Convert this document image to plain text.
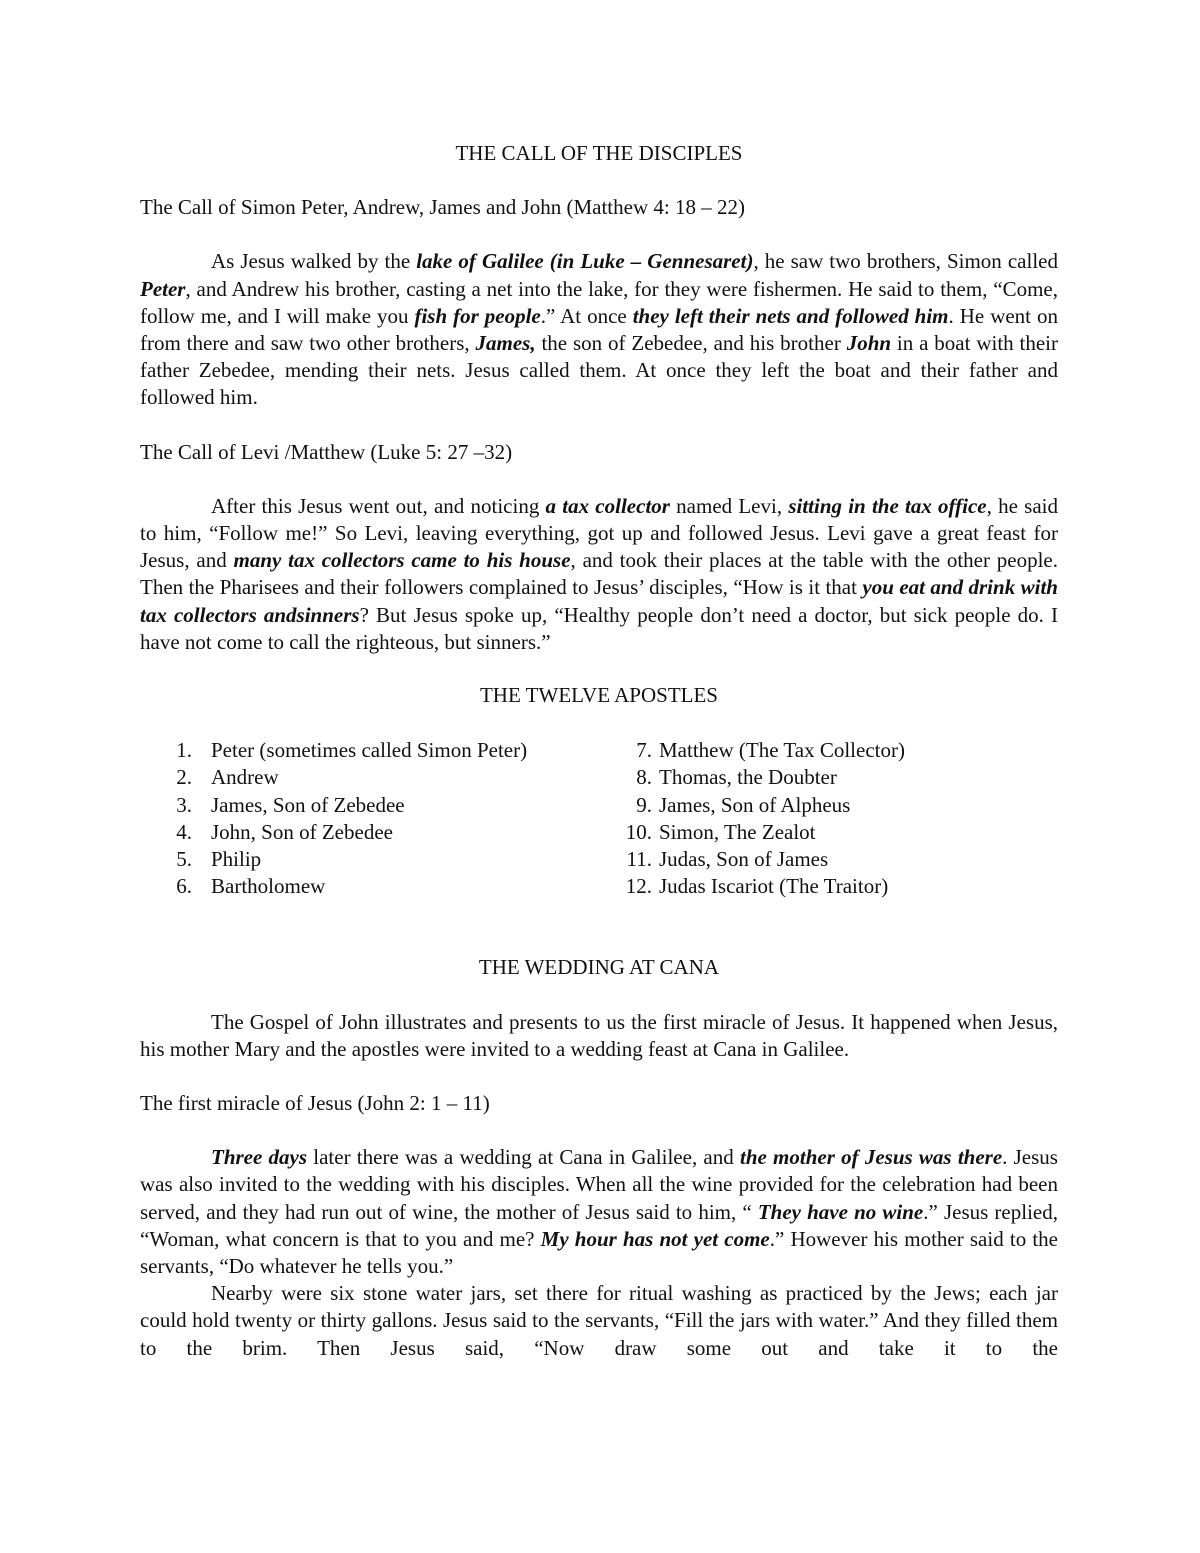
THE CALL OF THE DISCIPLES

The Call of Simon Peter, Andrew, James and John (Matthew 4: 18 – 22)

As Jesus walked by the lake of Galilee (in Luke – Gennesaret), he saw two brothers, Simon called Peter, and Andrew his brother, casting a net into the lake, for they were fishermen. He said to them, “Come, follow me, and I will make you fish for people.” At once they left their nets and followed him. He went on from there and saw two other brothers, James, the son of Zebedee, and his brother John in a boat with their father Zebedee, mending their nets. Jesus called them. At once they left the boat and their father and followed him.

The Call of Levi /Matthew (Luke 5: 27 –32)

After this Jesus went out, and noticing a tax collector named Levi, sitting in the tax office, he said to him, “Follow me!” So Levi, leaving everything, got up and followed Jesus. Levi gave a great feast for Jesus, and many tax collectors came to his house, and took their places at the table with the other people. Then the Pharisees and their followers complained to Jesus’ disciples, “How is it that you eat and drink with tax collectors andsinners? But Jesus spoke up, “Healthy people don’t need a doctor, but sick people do. I have not come to call the righteous, but sinners.”

THE TWELVE APOSTLES

1. Peter (sometimes called Simon Peter)
2. Andrew
3. James, Son of Zebedee
4. John, Son of Zebedee
5. Philip
6. Bartholomew
7. Matthew (The Tax Collector)
8. Thomas, the Doubter
9. James, Son of Alpheus
10. Simon, The Zealot
11. Judas, Son of James
12. Judas Iscariot (The Traitor)

THE WEDDING AT CANA

The Gospel of John illustrates and presents to us the first miracle of Jesus. It happened when Jesus, his mother Mary and the apostles were invited to a wedding feast at Cana in Galilee.

The first miracle of Jesus (John 2: 1 – 11)

Three days later there was a wedding at Cana in Galilee, and the mother of Jesus was there. Jesus was also invited to the wedding with his disciples. When all the wine provided for the celebration had been served, and they had run out of wine, the mother of Jesus said to him, “ They have no wine.” Jesus replied, “Woman, what concern is that to you and me? My hour has not yet come.” However his mother said to the servants, “Do whatever he tells you.”

Nearby were six stone water jars, set there for ritual washing as practiced by the Jews; each jar could hold twenty or thirty gallons. Jesus said to the servants, “Fill the jars with water.” And they filled them to the brim. Then Jesus said, “Now draw some out and take it to the
